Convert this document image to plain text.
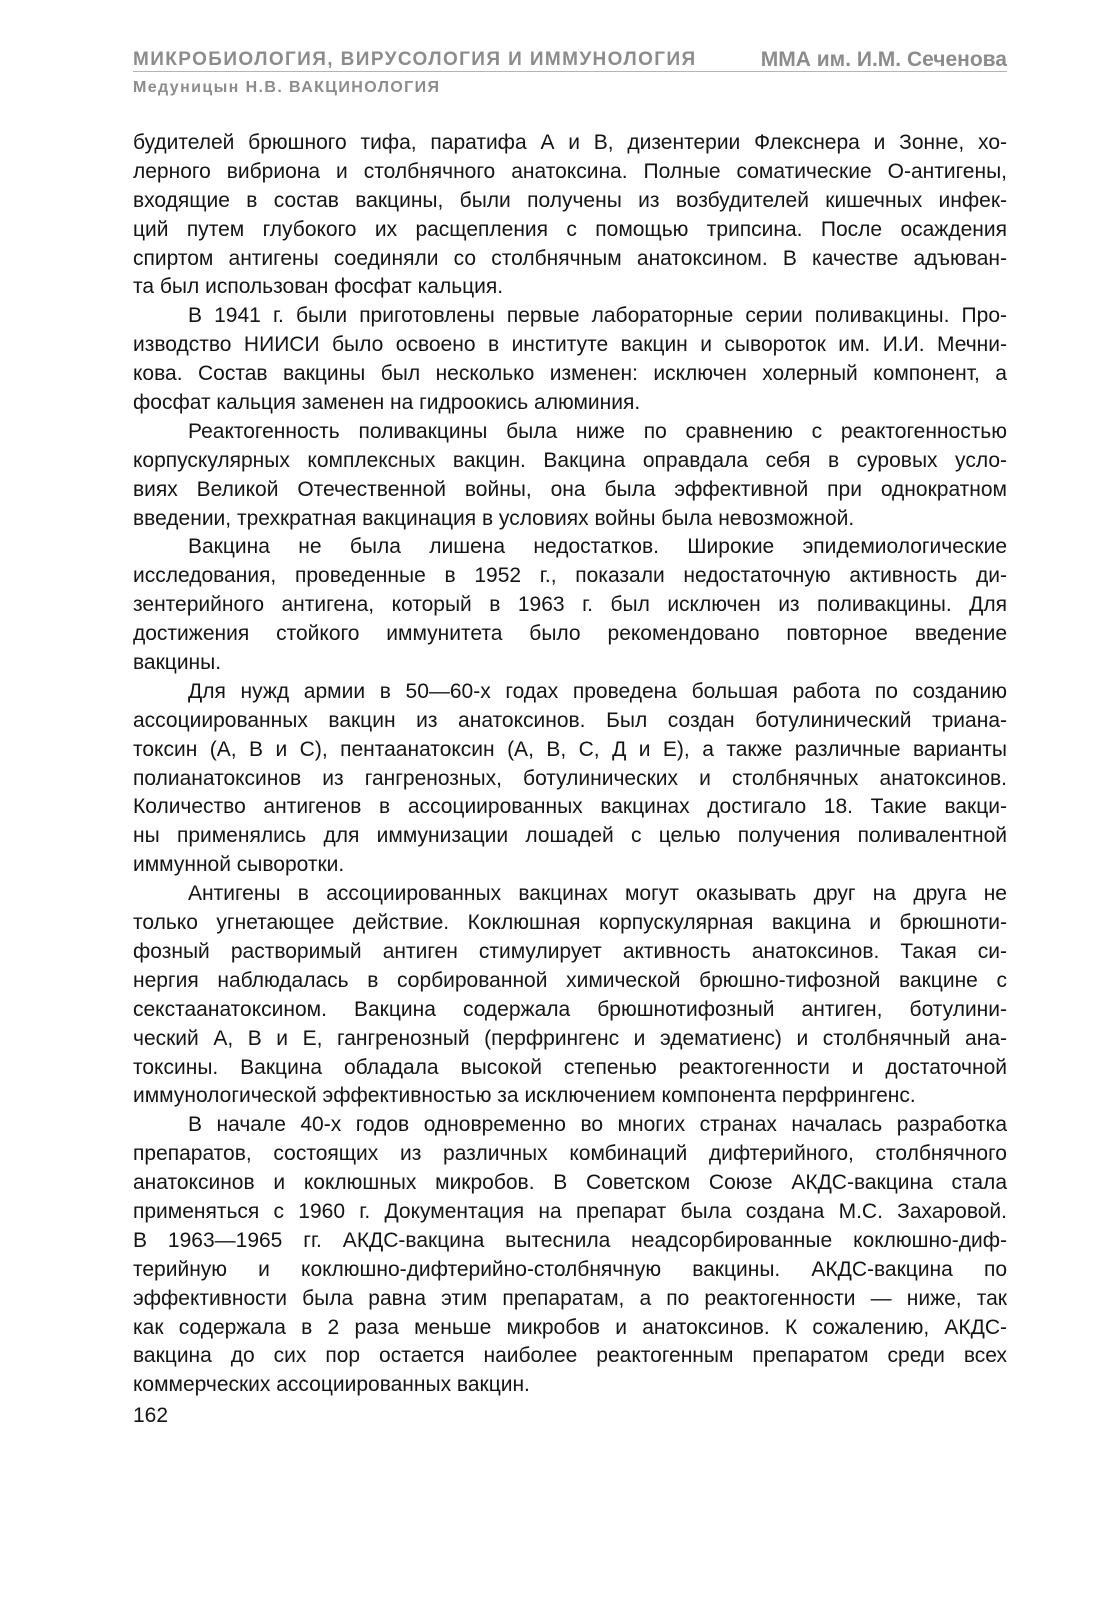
МИКРОБИОЛОГИЯ, ВИРУСОЛОГИЯ И ИММУНОЛОГИЯ	ММА им. И.М. Сеченова
Медуницын Н.В. ВАКЦИНОЛОГИЯ
будителей брюшного тифа, паратифа А и В, дизентерии Флекснера и Зонне, хо-
лерного вибриона и столбнячного анатоксина. Полные соматические О-антигены,
входящие в состав вакцины, были получены из возбудителей кишечных инфек-
ций путем глубокого их расщепления с помощью трипсина. После осаждения
спиртом антигены соединяли со столбнячным анатоксином. В качестве адъюван-
та был использован фосфат кальция.
В 1941 г. были приготовлены первые лабораторные серии поливакцины. Про-
изводство НИИСИ было освоено в институте вакцин и сывороток им. И.И. Мечни-
кова. Состав вакцины был несколько изменен: исключен холерный компонент, а
фосфат кальция заменен на гидроокись алюминия.
Реактогенность поливакцины была ниже по сравнению с реактогенностью
корпускулярных комплексных вакцин. Вакцина оправдала себя в суровых усло-
виях Великой Отечественной войны, она была эффективной при однократном
введении, трехкратная вакцинация в условиях войны была невозможной.
Вакцина не была лишена недостатков. Широкие эпидемиологические
исследования, проведенные в 1952 г., показали недостаточную активность ди-
зентерийного антигена, который в 1963 г. был исключен из поливакцины. Для
достижения стойкого иммунитета было рекомендовано повторное введение
вакцины.
Для нужд армии в 50—60-х годах проведена большая работа по созданию
ассоциированных вакцин из анатоксинов. Был создан ботулинический триана-
токсин (А, В и С), пентаанатоксин (А, В, С, Д и Е), а также различные варианты
полианатоксинов из гангренозных, ботулинических и столбнячных анатоксинов.
Количество антигенов в ассоциированных вакцинах достигало 18. Такие вакци-
ны применялись для иммунизации лошадей с целью получения поливалентной
иммунной сыворотки.
Антигены в ассоциированных вакцинах могут оказывать друг на друга не
только угнетающее действие. Коклюшная корпускулярная вакцина и брюшноти-
фозный растворимый антиген стимулирует активность анатоксинов. Такая си-
нергия наблюдалась в сорбированной химической брюшно-тифозной вакцине с
секстаанатоксином. Вакцина содержала брюшнотифозный антиген, ботулини-
ческий А, В и Е, гангренозный (перфрингенс и эдематиенс) и столбнячный ана-
токсины. Вакцина обладала высокой степенью реактогенности и достаточной
иммунологической эффективностью за исключением компонента перфрингенс.
В начале 40-х годов одновременно во многих странах началась разработка
препаратов, состоящих из различных комбинаций дифтерийного, столбнячного
анатоксинов и коклюшных микробов. В Советском Союзе АКДС-вакцина стала
применяться с 1960 г. Документация на препарат была создана М.С. Захаровой.
В 1963—1965 гг. АКДС-вакцина вытеснила неадсорбированные коклюшно-диф-
терийную и коклюшно-дифтерийно-столбнячную вакцины. АКДС-вакцина по
эффективности была равна этим препаратам, а по реактогенности — ниже, так
как содержала в 2 раза меньше микробов и анатоксинов. К сожалению, АКДС-
вакцина до сих пор остается наиболее реактогенным препаратом среди всех
коммерческих ассоциированных вакцин.
162
